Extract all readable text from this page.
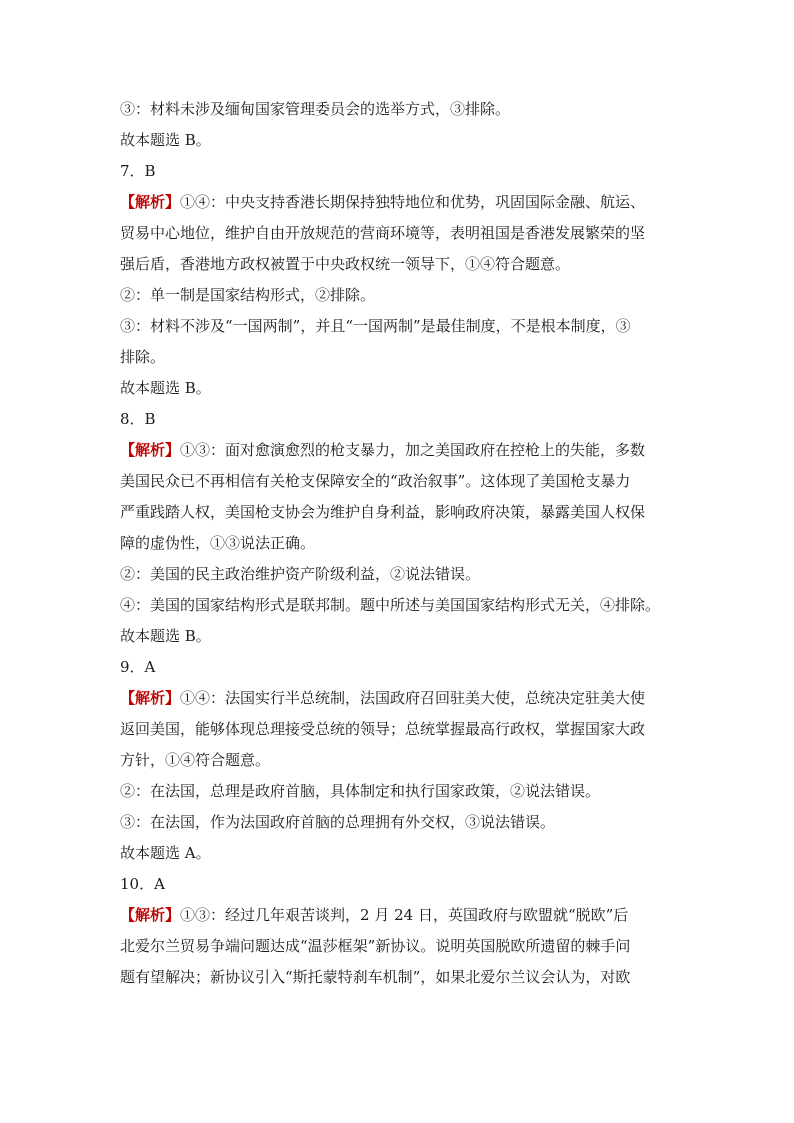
③：材料未涉及缅甸国家管理委员会的选举方式，③排除。
故本题选 B。
7．B
【解析】①④：中央支持香港长期保持独特地位和优势，巩固国际金融、航运、
贸易中心地位，维护自由开放规范的营商环境等，表明祖国是香港发展繁荣的坚
强后盾，香港地方政权被置于中央政权统一领导下，①④符合题意。
②：单一制是国家结构形式，②排除。
③：材料不涉及“一国两制”，并且“一国两制”是最佳制度，不是根本制度，③
排除。
故本题选 B。
8．B
【解析】①③：面对愈演愈烈的枪支暴力，加之美国政府在控枪上的失能，多数
美国民众已不再相信有关枪支保障安全的“政治叙事”。这体现了美国枪支暴力
严重践踏人权，美国枪支协会为维护自身利益，影响政府决策，暴露美国人权保
障的虚伪性，①③说法正确。
②：美国的民主政治维护资产阶级利益，②说法错误。
④：美国的国家结构形式是联邦制。题中所述与美国国家结构形式无关，④排除。
故本题选 B。
9．A
【解析】①④：法国实行半总统制，法国政府召回驻美大使，总统决定驻美大使
返回美国，能够体现总理接受总统的领导；总统掌握最高行政权，掌握国家大政
方针，①④符合题意。
②：在法国，总理是政府首脑，具体制定和执行国家政策，②说法错误。
③：在法国，作为法国政府首脑的总理拥有外交权，③说法错误。
故本题选 A。
10．A
【解析】①③：经过几年艰苦谈判，2 月 24 日，英国政府与欧盟就“脱欧”后
北爱尔兰贸易争端问题达成“温莎框架”新协议。说明英国脱欧所遗留的棘手问
题有望解决；新协议引入“斯托蒙特刹车机制”，如果北爱尔兰议会认为，对欧
